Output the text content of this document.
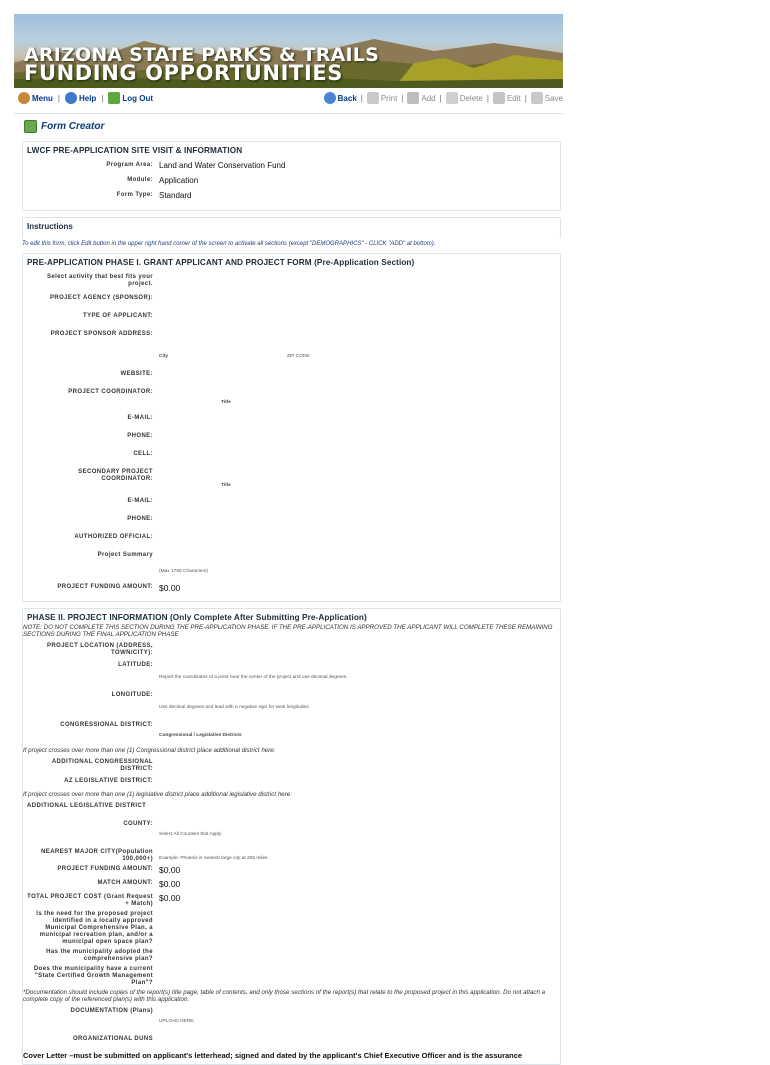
ARIZONA STATE PARKS & TRAILS
FUNDING OPPORTUNITIES
Menu | Help | Log Out	Back | Print | Add | Delete | Edit | Save
Form Creator
LWCF PRE-APPLICATION SITE VISIT & INFORMATION
Program Area: Land and Water Conservation Fund
Module: Application
Form Type: Standard
Instructions
To edit this form, click Edit button in the upper right hand corner of the screen to activate all sections (except "DEMOGRAPHICS" - CLICK "ADD" at bottom).
PRE-APPLICATION PHASE I. GRANT APPLICANT AND PROJECT FORM (Pre-Application Section)
Select activity that best fits your project.
PROJECT AGENCY (SPONSOR):
TYPE OF APPLICANT:
PROJECT SPONSOR ADDRESS:
City	ZIP CODE
WEBSITE:
PROJECT COORDINATOR:
Title
E-MAIL:
PHONE:
CELL:
SECONDARY PROJECT COORDINATOR:
Title
E-MAIL:
PHONE:
AUTHORIZED OFFICIAL:
Project Summary
(Max 1750 Characters)
PROJECT FUNDING AMOUNT: $0.00
PHASE II. PROJECT INFORMATION (Only Complete After Submitting Pre-Application)
NOTE: DO NOT COMPLETE THIS SECTION DURING THE PRE-APPLICATION PHASE. IF THE PRE-APPLICATION IS APPROVED THE APPLICANT WILL COMPLETE THESE REMAINING SECTIONS DURING THE FINAL APPLICATION PHASE
PROJECT LOCATION (ADDRESS, TOWN/CITY):
LATITUDE:
Report the coordinates of a point near the center of the project and use decimal degrees.
LONGITUDE:
Use decimal degrees and lead with a negative sign for west longitudes.
CONGRESSIONAL DISTRICT:
Congressional / Legislative Districts
If project crosses over more than one (1) Congressional district place additional district here:
ADDITIONAL CONGRESSIONAL DISTRICT:
AZ LEGISLATIVE DISTRICT:
If project crosses over more than one (1) legislative district place additional legislative district here:
ADDITIONAL LEGISLATIVE DISTRICT
COUNTY:
Select All Counties that Apply
NEAREST MAJOR CITY(Population 100,000+)	Example: Phoenix is nearest large city at 205 miles
PROJECT FUNDING AMOUNT: $0.00
MATCH AMOUNT: $0.00
TOTAL PROJECT COST (Grant Request + Match)
$0.00
Is the need for the proposed project identified in a locally approved Municipal Comprehensive Plan, a municipal recreation plan, and/or a municipal open space plan?
Has the municipality adopted the comprehensive plan?
Does the municipality have a current "State Certified Growth Management Plan"?
*Documentation should include copies of the report(s) title page, table of contents, and only those sections of the report(s) that relate to the proposed project in this application. Do not attach a complete copy of the referenced plan(s) with this application.
DOCUMENTATION (Plans)
UPLOAD HERE:
ORGANIZATIONAL DUNS
Cover Letter –must be submitted on applicant's letterhead; signed and dated by the applicant's Chief Executive Officer and is the assurance
